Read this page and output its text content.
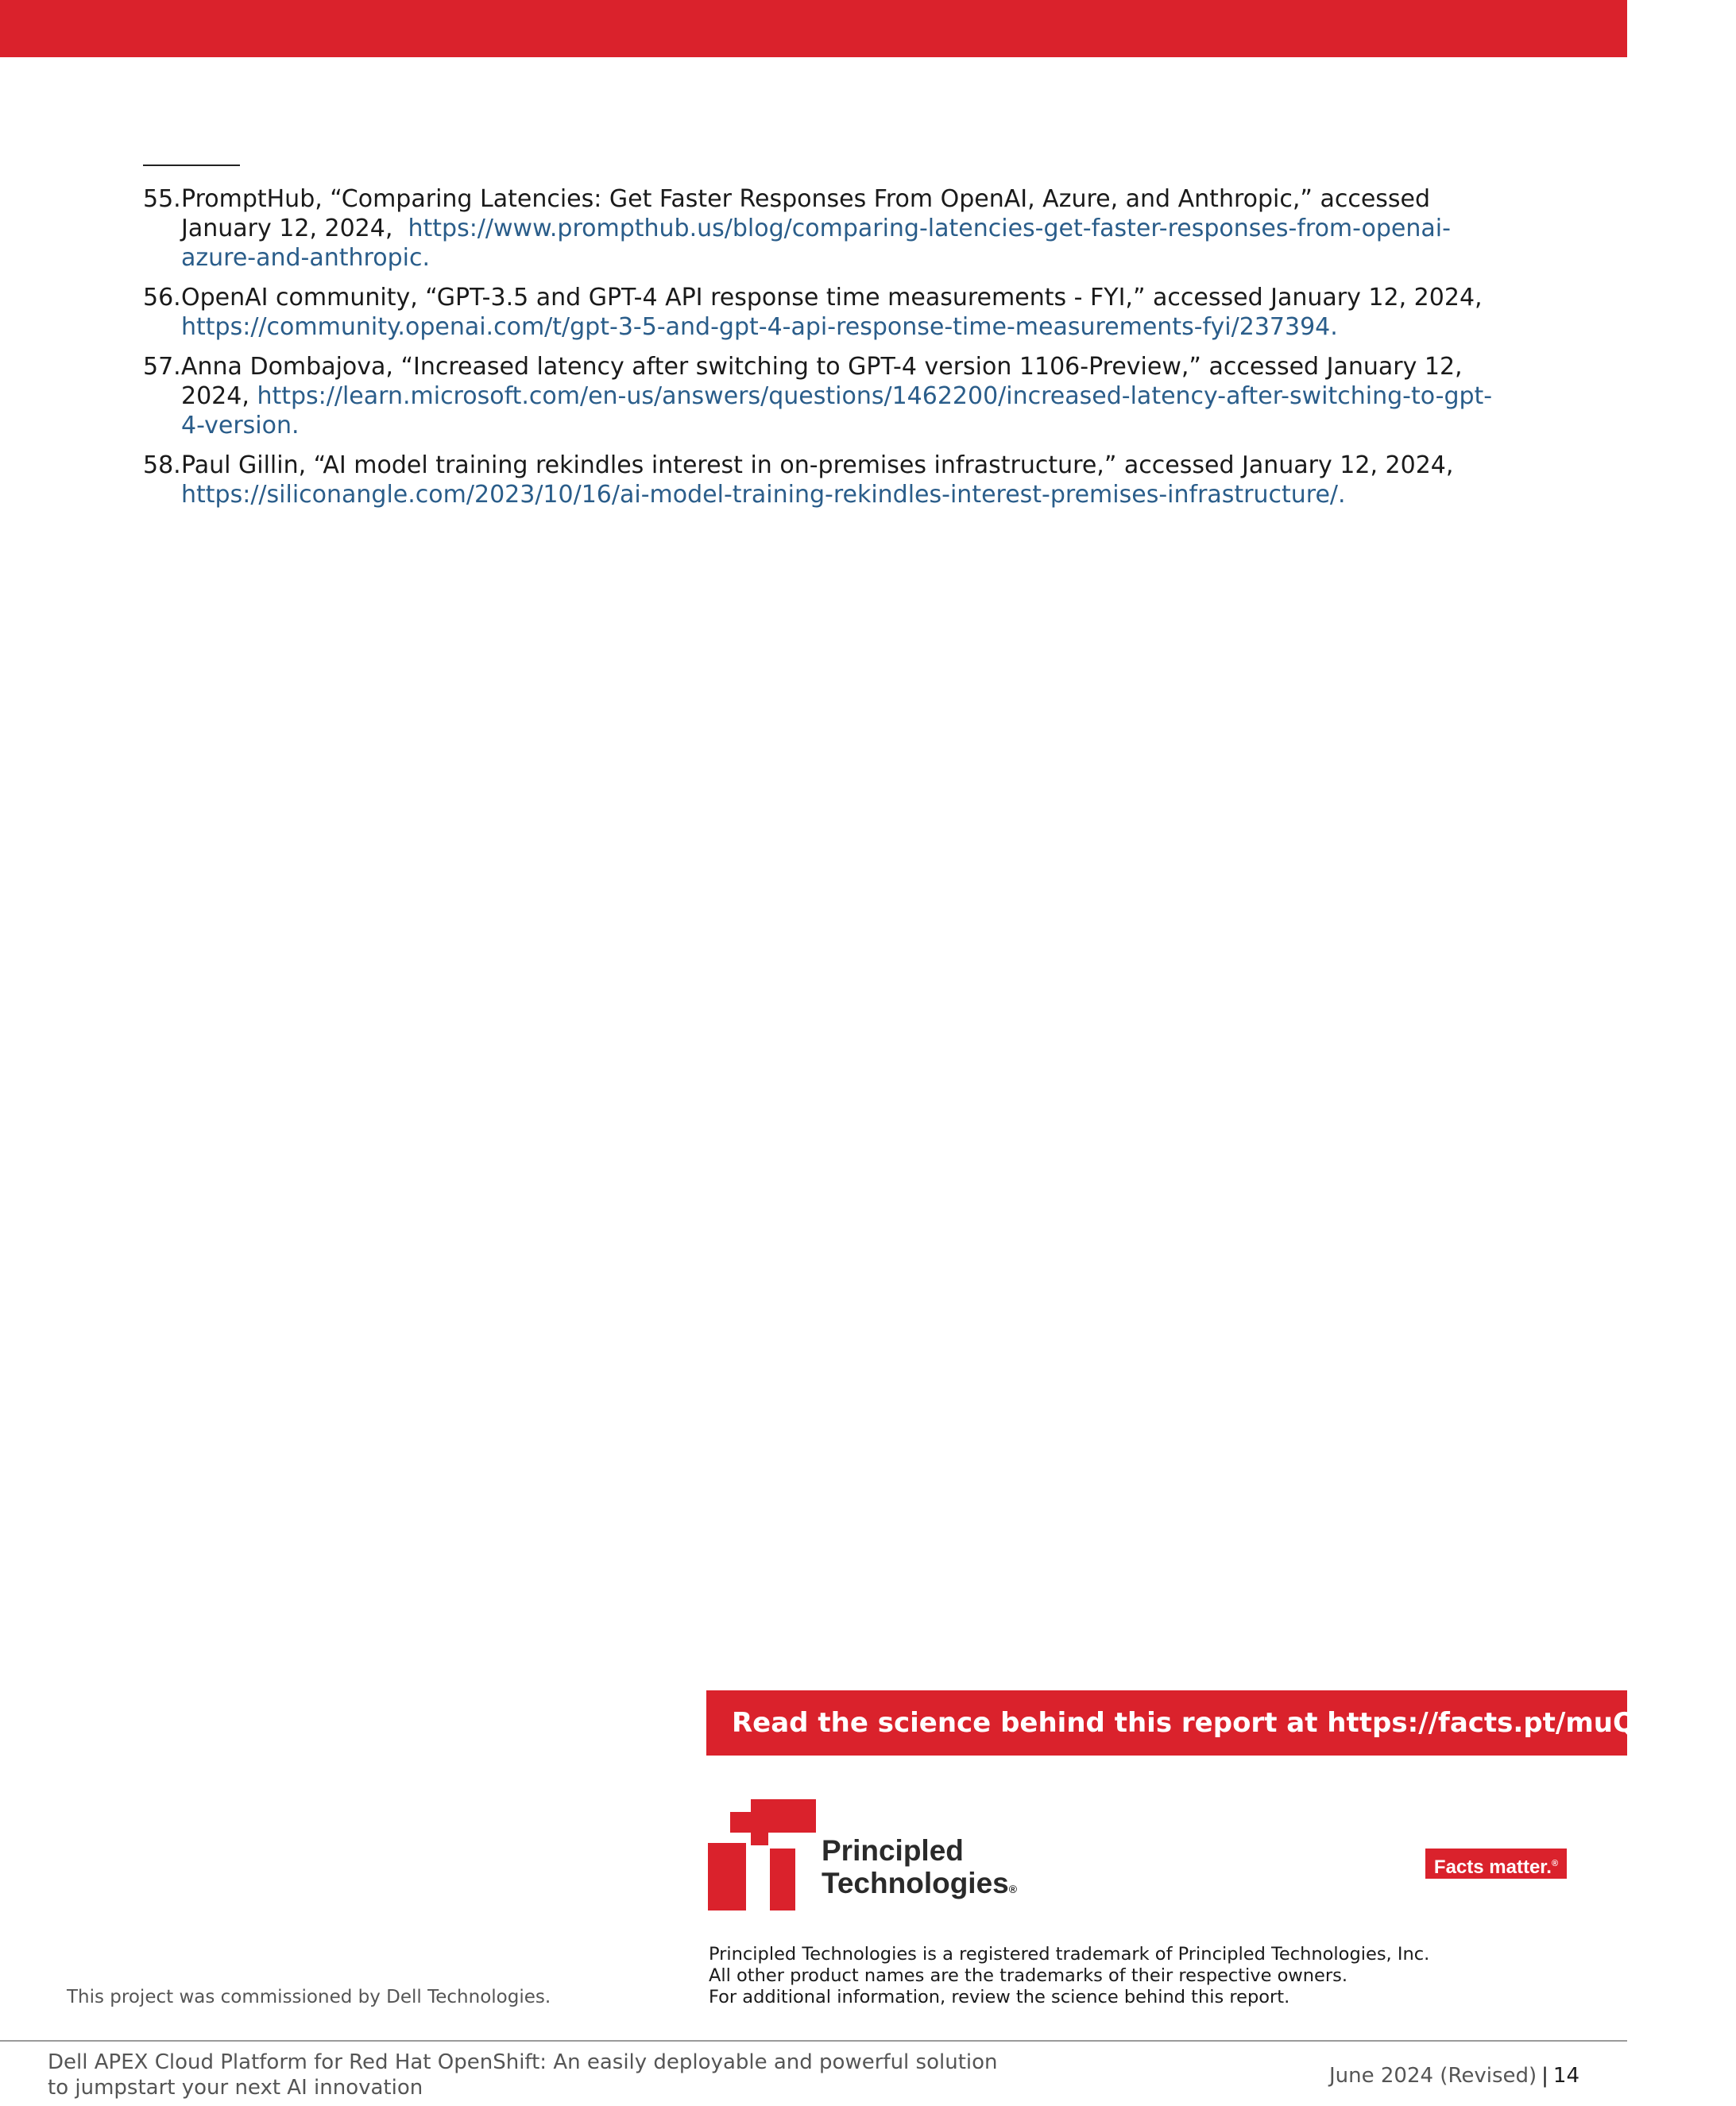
55. PromptHub, “Comparing Latencies: Get Faster Responses From OpenAI, Azure, and Anthropic,” accessed January 12, 2024, https://www.prompthub.us/blog/comparing-latencies-get-faster-responses-from-openai-azure-and-anthropic.
56. OpenAI community, “GPT-3.5 and GPT-4 API response time measurements - FYI,” accessed January 12, 2024, https://community.openai.com/t/gpt-3-5-and-gpt-4-api-response-time-measurements-fyi/237394.
57. Anna Dombajova, “Increased latency after switching to GPT-4 version 1106-Preview,” accessed January 12, 2024, https://learn.microsoft.com/en-us/answers/questions/1462200/increased-latency-after-switching-to-gpt-4-version.
58. Paul Gillin, “AI model training rekindles interest in on-premises infrastructure,” accessed January 12, 2024, https://siliconangle.com/2023/10/16/ai-model-training-rekindles-interest-premises-infrastructure/.
Read the science behind this report at https://facts.pt/muQY8DJ ▶
Principled
Technologies®
Facts matter.®
Principled Technologies is a registered trademark of Principled Technologies, Inc.
All other product names are the trademarks of their respective owners.
For additional information, review the science behind this report.
This project was commissioned by Dell Technologies.
Dell APEX Cloud Platform for Red Hat OpenShift: An easily deployable and powerful solution
to jumpstart your next AI innovation	June 2024 (Revised) | 14
